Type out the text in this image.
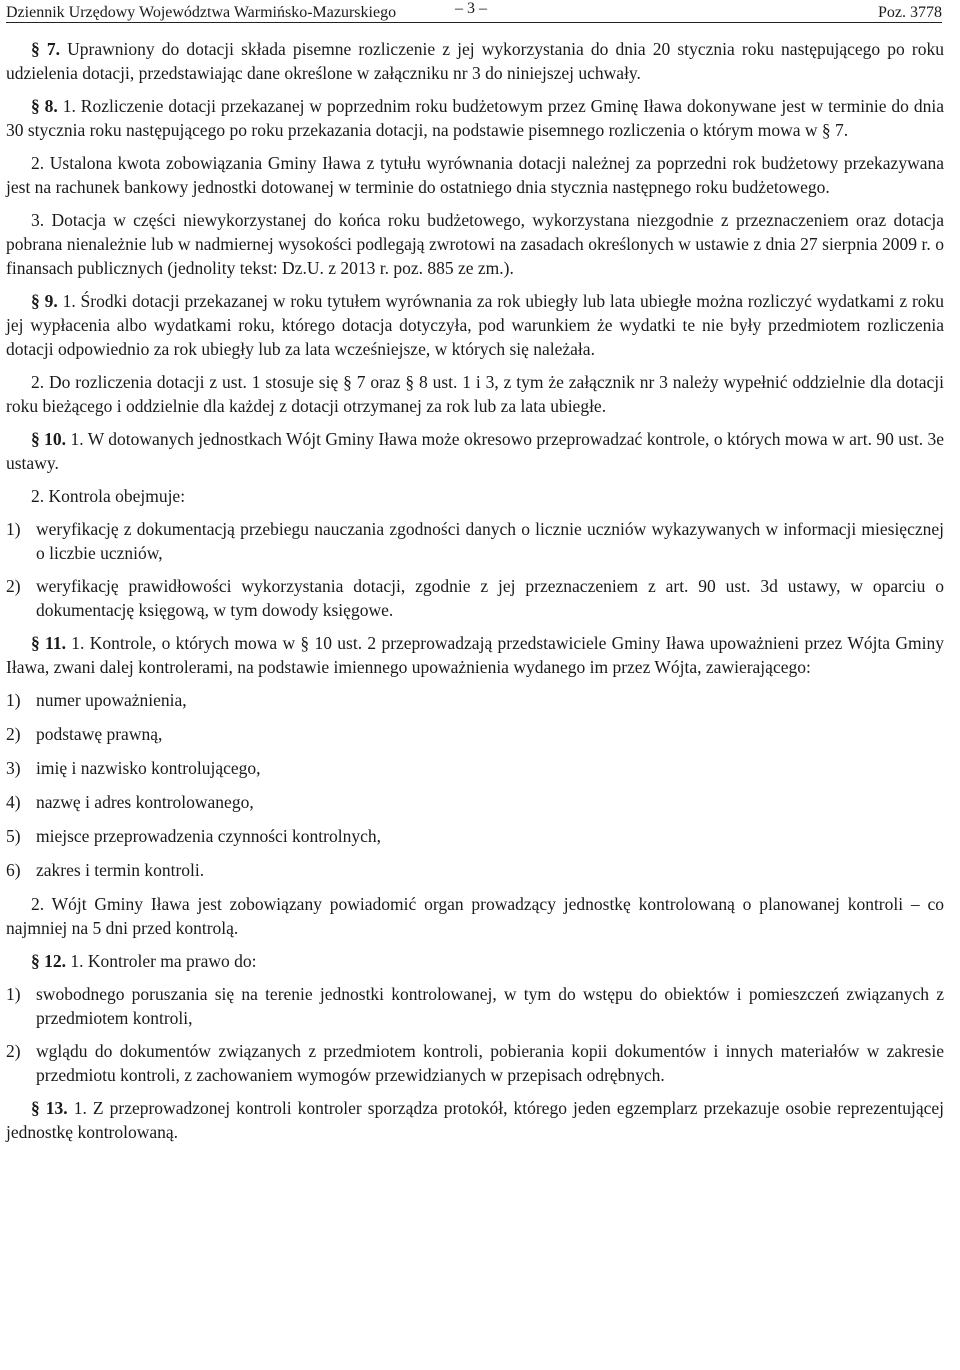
Dziennik Urzędowy Województwa Warmińsko-Mazurskiego	– 3 –	Poz. 3778

§ 7. Uprawniony do dotacji składa pisemne rozliczenie z jej wykorzystania do dnia 20 stycznia roku następującego po roku udzielenia dotacji, przedstawiając dane określone w załączniku nr 3 do niniejszej uchwały.

§ 8. 1. Rozliczenie dotacji przekazanej w poprzednim roku budżetowym przez Gminę Iława dokonywane jest w terminie do dnia 30 stycznia roku następującego po roku przekazania dotacji, na podstawie pisemnego rozliczenia o którym mowa w § 7.

2. Ustalona kwota zobowiązania Gminy Iława z tytułu wyrównania dotacji należnej za poprzedni rok budżetowy przekazywana jest na rachunek bankowy jednostki dotowanej w terminie do ostatniego dnia stycznia następnego roku budżetowego.

3. Dotacja w części niewykorzystanej do końca roku budżetowego, wykorzystana niezgodnie z przeznaczeniem oraz dotacja pobrana nienależnie lub w nadmiernej wysokości podlegają zwrotowi na zasadach określonych w ustawie z dnia 27 sierpnia 2009 r. o finansach publicznych (jednolity tekst: Dz.U. z 2013 r. poz. 885 ze zm.).

§ 9. 1. Środki dotacji przekazanej w roku tytułem wyrównania za rok ubiegły lub lata ubiegłe można rozliczyć wydatkami z roku jej wypłacenia albo wydatkami roku, którego dotacja dotyczyła, pod warunkiem że wydatki te nie były przedmiotem rozliczenia dotacji odpowiednio za rok ubiegły lub za lata wcześniejsze, w których się należała.

2. Do rozliczenia dotacji z ust. 1 stosuje się § 7 oraz § 8 ust. 1 i 3, z tym że załącznik nr 3 należy wypełnić oddzielnie dla dotacji roku bieżącego i oddzielnie dla każdej z dotacji otrzymanej za rok lub za lata ubiegłe.

§ 10. 1. W dotowanych jednostkach Wójt Gminy Iława może okresowo przeprowadzać kontrole, o których mowa w art. 90 ust. 3e ustawy.

2. Kontrola obejmuje:

1) weryfikację z dokumentacją przebiegu nauczania zgodności danych o licznie uczniów wykazywanych w informacji miesięcznej o liczbie uczniów,
2) weryfikację prawidłowości wykorzystania dotacji, zgodnie z jej przeznaczeniem z art. 90 ust. 3d ustawy, w oparciu o dokumentację księgową, w tym dowody księgowe.

§ 11. 1. Kontrole, o których mowa w § 10 ust. 2 przeprowadzają przedstawiciele Gminy Iława upoważnieni przez Wójta Gminy Iława, zwani dalej kontrolerami, na podstawie imiennego upoważnienia wydanego im przez Wójta, zawierającego:

1) numer upoważnienia,
2) podstawę prawną,
3) imię i nazwisko kontrolującego,
4) nazwę i adres kontrolowanego,
5) miejsce przeprowadzenia czynności kontrolnych,
6) zakres i termin kontroli.

2. Wójt Gminy Iława jest zobowiązany powiadomić organ prowadzący jednostkę kontrolowaną o planowanej kontroli – co najmniej na 5 dni przed kontrolą.

§ 12. 1. Kontroler ma prawo do:

1) swobodnego poruszania się na terenie jednostki kontrolowanej, w tym do wstępu do obiektów i pomieszczeń związanych z przedmiotem kontroli,
2) wglądu do dokumentów związanych z przedmiotem kontroli, pobierania kopii dokumentów i innych materiałów w zakresie przedmiotu kontroli, z zachowaniem wymogów przewidzianych w przepisach odrębnych.

§ 13. 1. Z przeprowadzonej kontroli kontroler sporządza protokół, którego jeden egzemplarz przekazuje osobie reprezentującej jednostkę kontrolowaną.
